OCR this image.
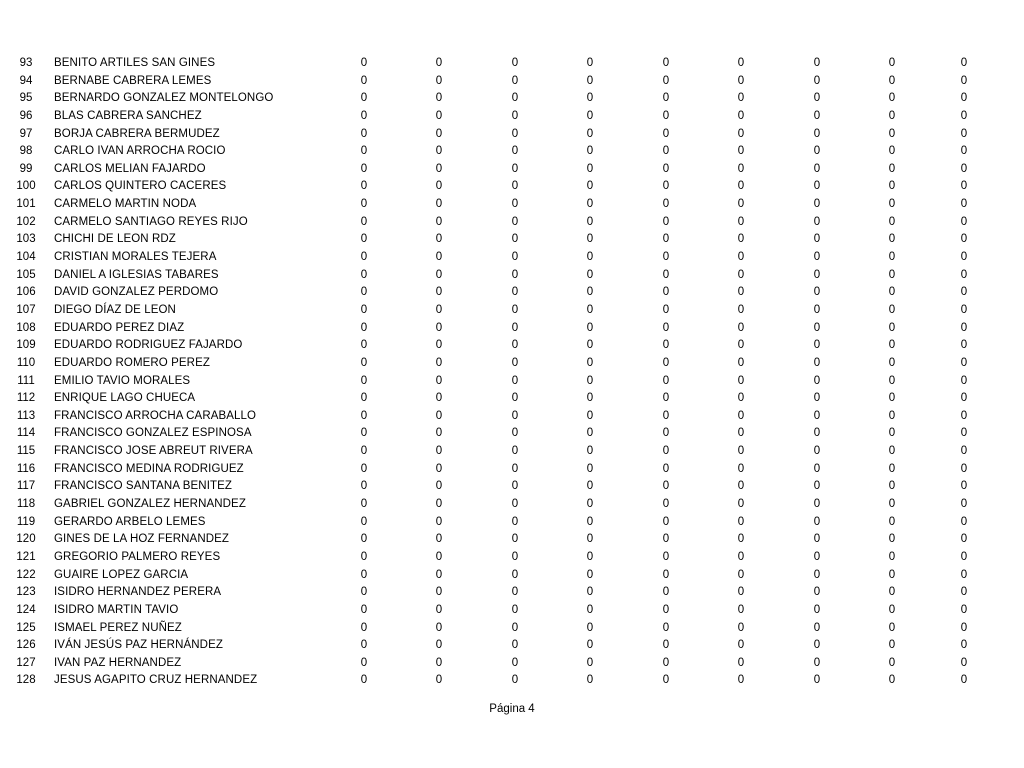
93	BENITO ARTILES SAN GINES	0	0	0	0	0	0	0	0	0
94	BERNABE CABRERA LEMES	0	0	0	0	0	0	0	0	0
95	BERNARDO GONZALEZ MONTELONGO	0	0	0	0	0	0	0	0	0
96	BLAS CABRERA SANCHEZ	0	0	0	0	0	0	0	0	0
97	BORJA CABRERA BERMUDEZ	0	0	0	0	0	0	0	0	0
98	CARLO IVAN ARROCHA ROCIO	0	0	0	0	0	0	0	0	0
99	CARLOS MELIAN FAJARDO	0	0	0	0	0	0	0	0	0
100 CARLOS QUINTERO CACERES	0	0	0	0	0	0	0	0	0
101 CARMELO MARTIN NODA	0	0	0	0	0	0	0	0	0
102 CARMELO SANTIAGO REYES RIJO	0	0	0	0	0	0	0	0	0
103 CHICHI DE LEON RDZ	0	0	0	0	0	0	0	0	0
104 CRISTIAN MORALES TEJERA	0	0	0	0	0	0	0	0	0
105 DANIEL A IGLESIAS TABARES	0	0	0	0	0	0	0	0	0
106 DAVID GONZALEZ PERDOMO	0	0	0	0	0	0	0	0	0
107 DIEGO DÍAZ DE LEON	0	0	0	0	0	0	0	0	0
108 EDUARDO PEREZ DIAZ	0	0	0	0	0	0	0	0	0
109 EDUARDO RODRIGUEZ FAJARDO	0	0	0	0	0	0	0	0	0
110 EDUARDO ROMERO PEREZ	0	0	0	0	0	0	0	0	0
111 EMILIO TAVIO MORALES	0	0	0	0	0	0	0	0	0
112 ENRIQUE LAGO CHUECA	0	0	0	0	0	0	0	0	0
113 FRANCISCO ARROCHA CARABALLO	0	0	0	0	0	0	0	0	0
114 FRANCISCO GONZALEZ ESPINOSA	0	0	0	0	0	0	0	0	0
115 FRANCISCO JOSE ABREUT RIVERA	0	0	0	0	0	0	0	0	0
116 FRANCISCO MEDINA RODRIGUEZ	0	0	0	0	0	0	0	0	0
117 FRANCISCO SANTANA BENITEZ	0	0	0	0	0	0	0	0	0
118 GABRIEL GONZALEZ HERNANDEZ	0	0	0	0	0	0	0	0	0
119 GERARDO ARBELO LEMES	0	0	0	0	0	0	0	0	0
120 GINES DE LA HOZ FERNANDEZ	0	0	0	0	0	0	0	0	0
121 GREGORIO PALMERO REYES	0	0	0	0	0	0	0	0	0
122 GUAIRE LOPEZ GARCIA	0	0	0	0	0	0	0	0	0
123 ISIDRO HERNANDEZ PERERA	0	0	0	0	0	0	0	0	0
124 ISIDRO MARTIN TAVIO	0	0	0	0	0	0	0	0	0
125 ISMAEL PEREZ NUÑEZ	0	0	0	0	0	0	0	0	0
126 IVÁN JESÚS PAZ HERNÁNDEZ	0	0	0	0	0	0	0	0	0
127 IVAN PAZ HERNANDEZ	0	0	0	0	0	0	0	0	0
128 JESUS AGAPITO CRUZ HERNANDEZ	0	0	0	0	0	0	0	0	0
Página 4
